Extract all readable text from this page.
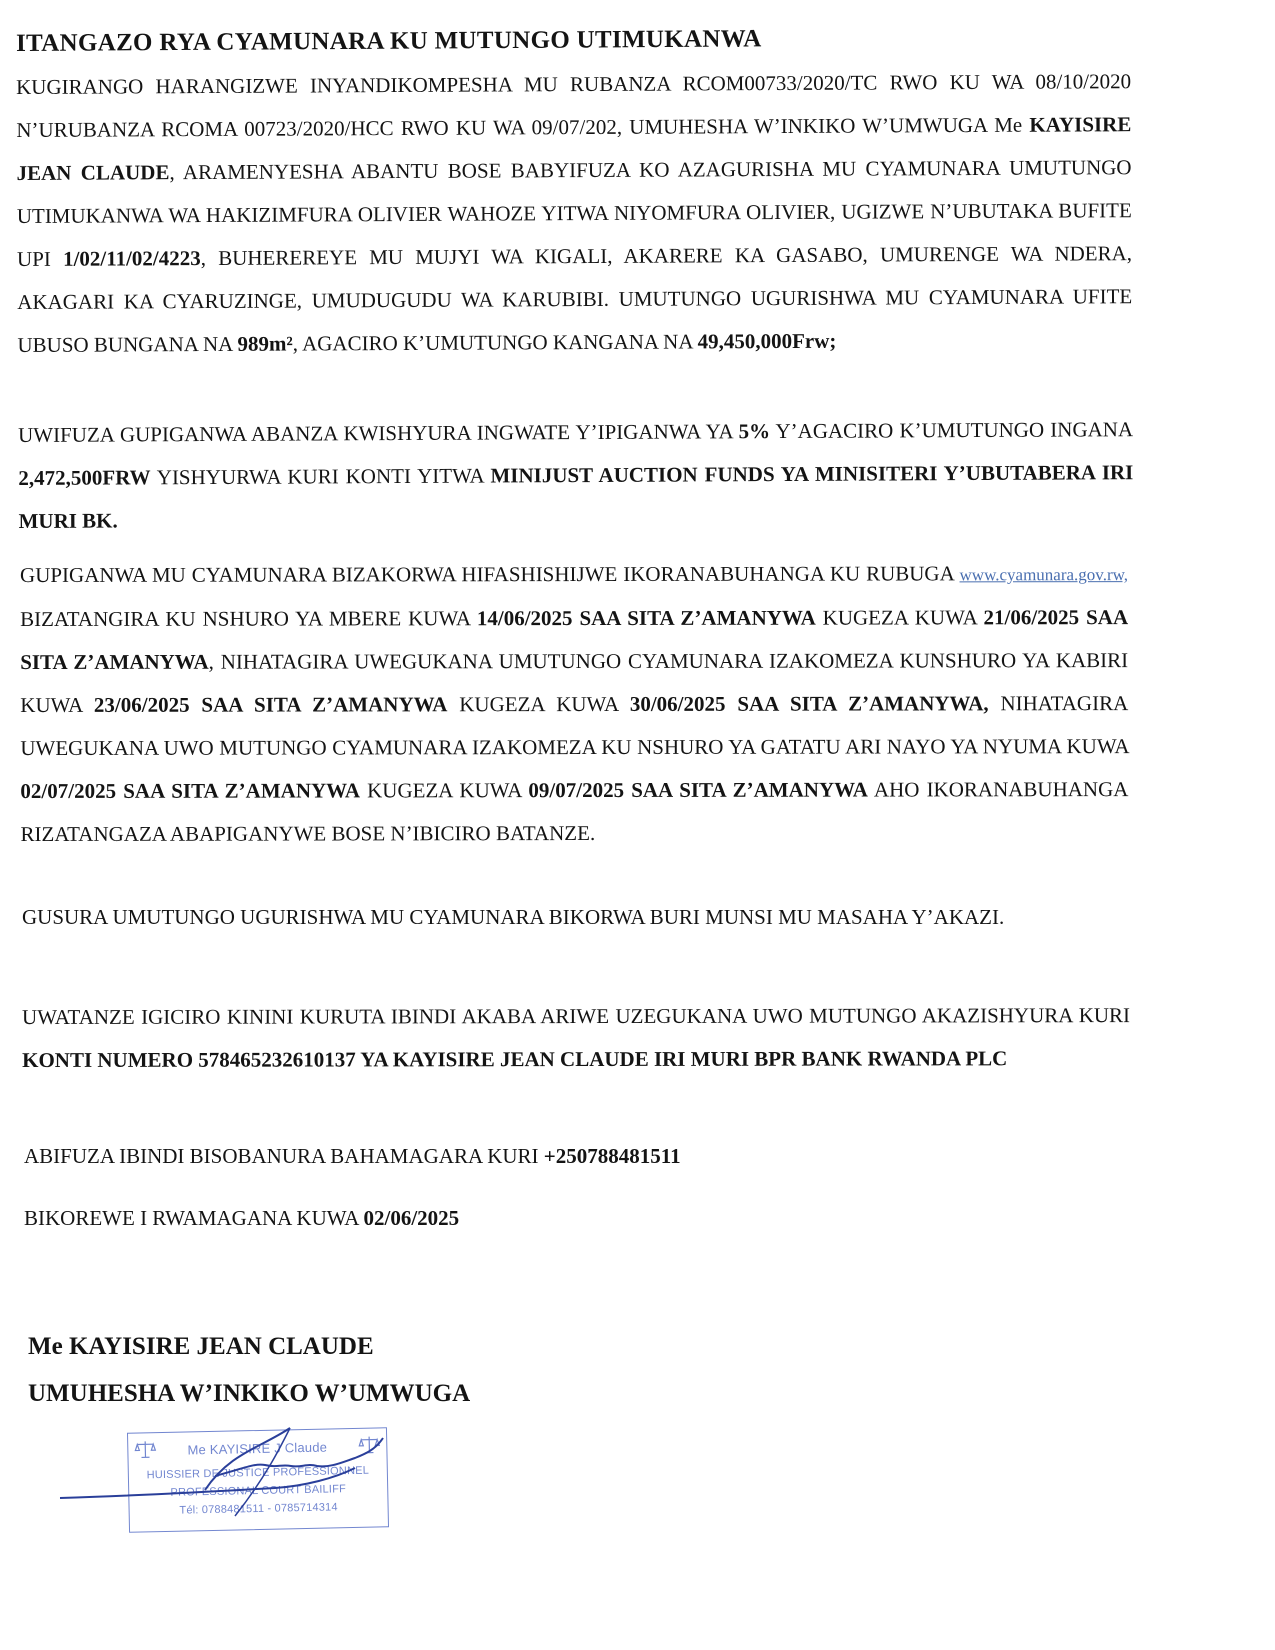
ITANGAZO RYA CYAMUNARA KU MUTUNGO UTIMUKANWA
KUGIRANGO HARANGIZWE INYANDIKOMPESHA MU RUBANZA RCOM00733/2020/TC RWO KU WA 08/10/2020 N’URUBANZA RCOMA 00723/2020/HCC RWO KU WA 09/07/202, UMUHESHA W’INKIKO W’UMWUGA Me KAYISIRE JEAN CLAUDE, ARAMENYESHA ABANTU BOSE BABYIFUZA KO AZAGURISHA MU CYAMUNARA UMUTUNGO UTIMUKANWA WA HAKIZIMFURA OLIVIER WAHOZE YITWA NIYOMFURA OLIVIER, UGIZWE N’UBUTAKA BUFITE UPI 1/02/11/02/4223, BUHEREREYE MU MUJYI WA KIGALI, AKARERE KA GASABO, UMURENGE WA NDERA, AKAGARI KA CYARUZINGE, UMUDUGUDU WA KARUBIBI. UMUTUNGO UGURISHWA MU CYAMUNARA UFITE UBUSO BUNGANA NA 989m², AGACIRO K’UMUTUNGO KANGANA NA 49,450,000Frw;
UWIFUZA GUPIGANWA ABANZA KWISHYURA INGWATE Y’IPIGANWA YA 5% Y’AGACIRO K’UMUTUNGO INGANA 2,472,500FRW YISHYURWA KURI KONTI YITWA MINIJUST AUCTION FUNDS YA MINISITERI Y’UBUTABERA IRI MURI BK.
GUPIGANWA MU CYAMUNARA BIZAKORWA HIFASHISHIJWE IKORANABUHANGA KU RUBUGA www.cyamunara.gov.rw, BIZATANGIRA KU NSHURO YA MBERE KUWA 14/06/2025 SAA SITA Z’AMANYWA KUGEZA KUWA 21/06/2025 SAA SITA Z’AMANYWA, NIHATAGIRA UWEGUKANA UMUTUNGO CYAMUNARA IZAKOMEZA KUNSHURO YA KABIRI KUWA 23/06/2025 SAA SITA Z’AMANYWA KUGEZA KUWA 30/06/2025 SAA SITA Z’AMANYWA, NIHATAGIRA UWEGUKANA UWO MUTUNGO CYAMUNARA IZAKOMEZA KU NSHURO YA GATATU ARI NAYO YA NYUMA KUWA 02/07/2025 SAA SITA Z’AMANYWA KUGEZA KUWA 09/07/2025 SAA SITA Z’AMANYWA AHO IKORANABUHANGA RIZATANGAZA ABAPIGANYWE BOSE N’IBICIRO BATANZE.
GUSURA UMUTUNGO UGURISHWA MU CYAMUNARA BIKORWA BURI MUNSI MU MASAHA Y’AKAZI.
UWATANZE IGICIRO KININI KURUTA IBINDI AKABA ARIWE UZEGUKANA UWO MUTUNGO AKAZISHYURA KURI KONTI NUMERO 578465232610137 YA KAYISIRE JEAN CLAUDE IRI MURI BPR BANK RWANDA PLC
ABIFUZA IBINDI BISOBANURA BAHAMAGARA KURI +250788481511
BIKOREWE I RWAMAGANA KUWA 02/06/2025
Me KAYISIRE JEAN CLAUDE
UMUHESHA W’INKIKO W’UMWUGA
Me KAYISIRE J Claude
HUISSIER DE JUSTICE PROFESSIONNEL
PROFESSIONAL COURT BAILIFF
Tél: 0788481511 - 0785714314
